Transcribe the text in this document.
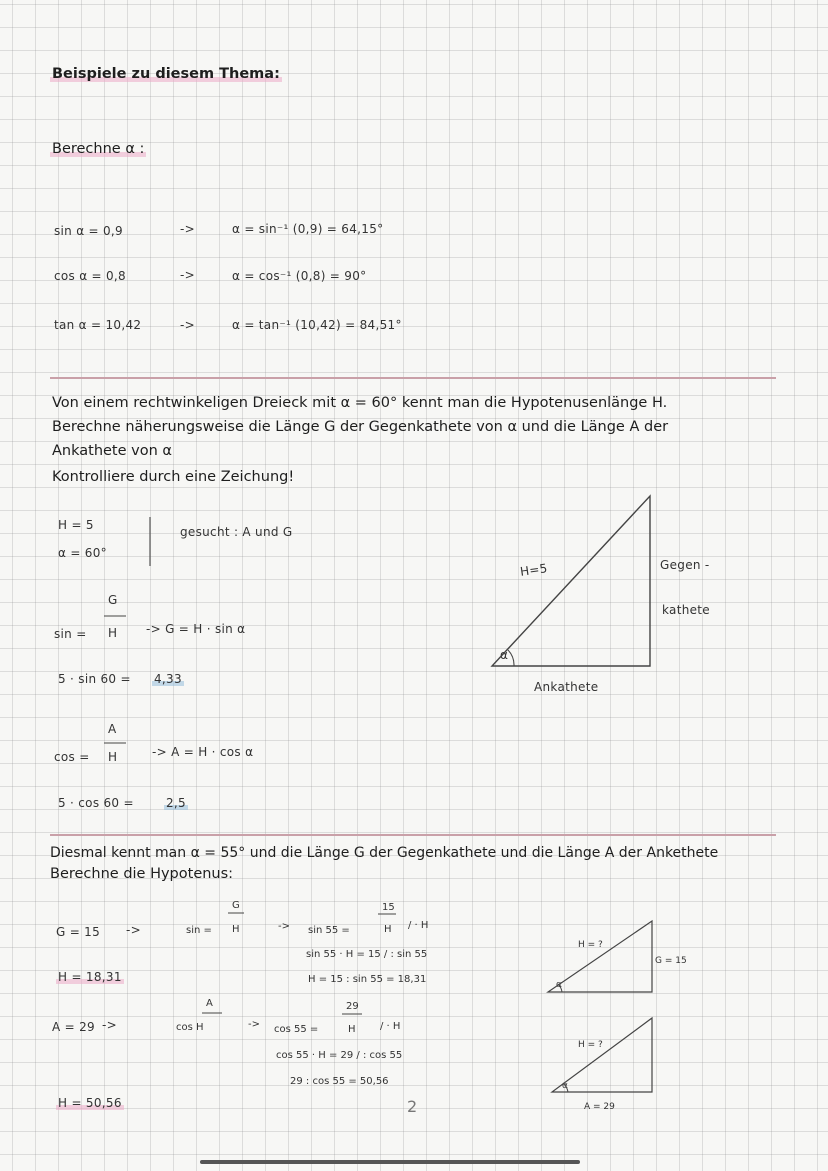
Beispiele zu diesem Thema:
Berechne α :
sin α = 0,9	->	α = sin⁻¹ (0,9) = 64,15°
cos α = 0,8	->	α = cos⁻¹ (0,8) = 90°
tan α = 10,42	->	α = tan⁻¹ (10,42) = 84,51°
Von einem rechtwinkeligen Dreieck mit α = 60° kennt man die Hypotenusenlänge H.
Berechne näherungsweise die Länge G der Gegenkathete von α und die Länge A der
Ankathete von α
Kontrolliere durch eine Zeichung!
H = 5
α = 60°
gesucht : A und G
sin =
G
H -> G = H · sin α
5 · sin 60 = 4,33
cos =
A
H	-> A = H · cos α
5 · cos 60 =	2,5
H=5	Gegen -
kathete
Ankathete
α
Diesmal kennt man α = 55° und die Länge G der Gegenkathete und die Länge A der Ankethete
Berechne die Hypotenus:
G = 15 ->	sin =
G
H	-> sin 55 =
15
H / · H
sin 55 · H = 15 / : sin 55
H = 15 : sin 55 = 18,31
H = 18,31
A = 29 ->
A
cos H	-> cos 55 =
29
H / · H
cos 55 · H = 29 / : cos 55
29 : cos 55 = 50,56
H = 50,56
H = ?
G = 15
α
H = ?
A = 29
α
2
